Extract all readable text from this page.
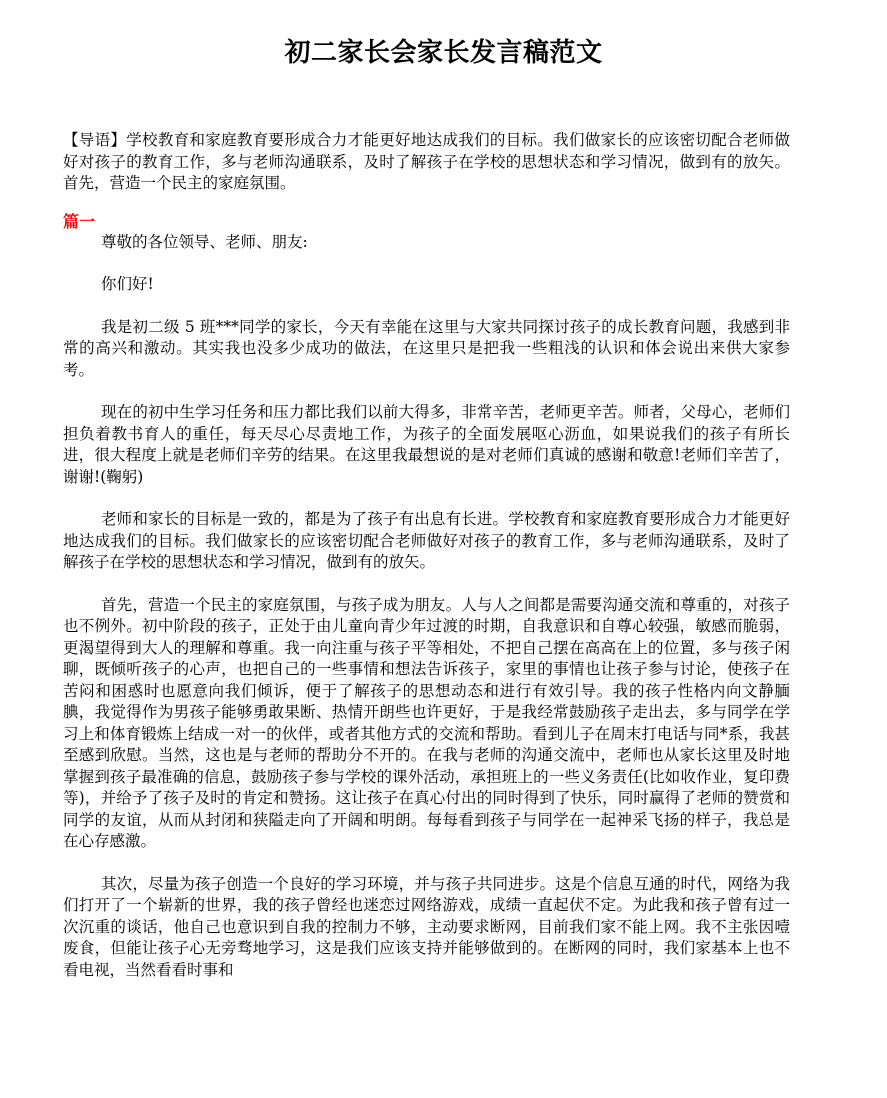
初二家长会家长发言稿范文

【导语】学校教育和家庭教育要形成合力才能更好地达成我们的目标。我们做家长的应该密切配合老师做好对孩子的教育工作，多与老师沟通联系，及时了解孩子在学校的思想状态和学习情况，做到有的放矢。首先，营造一个民主的家庭氛围。

篇一

尊敬的各位领导、老师、朋友:

你们好!

我是初二级 5 班***同学的家长，今天有幸能在这里与大家共同探讨孩子的成长教育问题，我感到非常的高兴和激动。其实我也没多少成功的做法，在这里只是把我一些粗浅的认识和体会说出来供大家参考。

现在的初中生学习任务和压力都比我们以前大得多，非常辛苦，老师更辛苦。师者，父母心，老师们担负着教书育人的重任，每天尽心尽责地工作，为孩子的全面发展呕心沥血，如果说我们的孩子有所长进，很大程度上就是老师们辛劳的结果。在这里我最想说的是对老师们真诚的感谢和敬意!老师们辛苦了，谢谢!(鞠躬)

老师和家长的目标是一致的，都是为了孩子有出息有长进。学校教育和家庭教育要形成合力才能更好地达成我们的目标。我们做家长的应该密切配合老师做好对孩子的教育工作，多与老师沟通联系，及时了解孩子在学校的思想状态和学习情况，做到有的放矢。

首先，营造一个民主的家庭氛围，与孩子成为朋友。人与人之间都是需要沟通交流和尊重的，对孩子也不例外。初中阶段的孩子，正处于由儿童向青少年过渡的时期，自我意识和自尊心较强，敏感而脆弱，更渴望得到大人的理解和尊重。我一向注重与孩子平等相处，不把自己摆在高高在上的位置，多与孩子闲聊，既倾听孩子的心声，也把自己的一些事情和想法告诉孩子，家里的事情也让孩子参与讨论，使孩子在苦闷和困惑时也愿意向我们倾诉，便于了解孩子的思想动态和进行有效引导。我的孩子性格内向文静腼腆，我觉得作为男孩子能够勇敢果断、热情开朗些也许更好，于是我经常鼓励孩子走出去，多与同学在学习上和体育锻炼上结成一对一的伙伴，或者其他方式的交流和帮助。看到儿子在周末打电话与同*系，我甚至感到欣慰。当然，这也是与老师的帮助分不开的。在我与老师的沟通交流中，老师也从家长这里及时地掌握到孩子最准确的信息，鼓励孩子参与学校的课外活动，承担班上的一些义务责任(比如收作业，复印费等)，并给予了孩子及时的肯定和赞扬。这让孩子在真心付出的同时得到了快乐，同时赢得了老师的赞赏和同学的友谊，从而从封闭和狭隘走向了开阔和明朗。每每看到孩子与同学在一起神采飞扬的样子，我总是在心存感激。

其次，尽量为孩子创造一个良好的学习环境，并与孩子共同进步。这是个信息互通的时代，网络为我们打开了一个崭新的世界，我的孩子曾经也迷恋过网络游戏，成绩一直起伏不定。为此我和孩子曾有过一次沉重的谈话，他自己也意识到自我的控制力不够，主动要求断网，目前我们家不能上网。我不主张因噎废食，但能让孩子心无旁骛地学习，这是我们应该支持并能够做到的。在断网的同时，我们家基本上也不看电视，当然看看时事和
